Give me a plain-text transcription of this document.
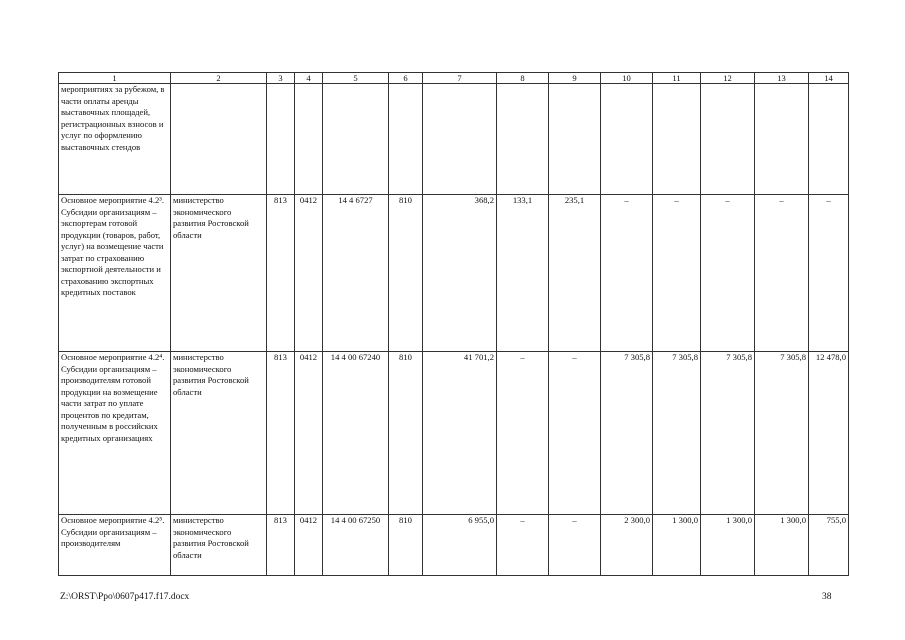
1	2	3	4	5	6	7	8	9	10	11	12	13	14
мероприятиях за рубежом, в части оплаты аренды выставочных площадей, регистрационных взносов и услуг по оформлению выставочных стендов													
Основное мероприятие 4.2³. Субсидии организациям – экспортерам готовой продукции (товаров, работ, услуг) на возмещение части затрат по страхованию экспортной деятельности и страхованию экспортных кредитных поставок	министерство экономического развития Ростовской области	813	0412	14 4 6727	810	368,2	133,1	235,1	–	–	–	–	–
Основное мероприятие 4.2⁴. Субсидии организациям – производителям готовой продукции на возмещение части затрат по уплате процентов по кредитам, полученным в российских кредитных организациях	министерство экономического развития Ростовской области	813	0412	14 4 00 67240	810	41 701,2	–	–	7 305,8	7 305,8	7 305,8	7 305,8	12 478,0
Основное мероприятие 4.2⁵. Субсидии организациям – производителям	министерство экономического развития Ростовской области	813	0412	14 4 00 67250	810	6 955,0	–	–	2 300,0	1 300,0	1 300,0	1 300,0	755,0
Z:\ORST\Ppo\0607p417.f17.docx	38
